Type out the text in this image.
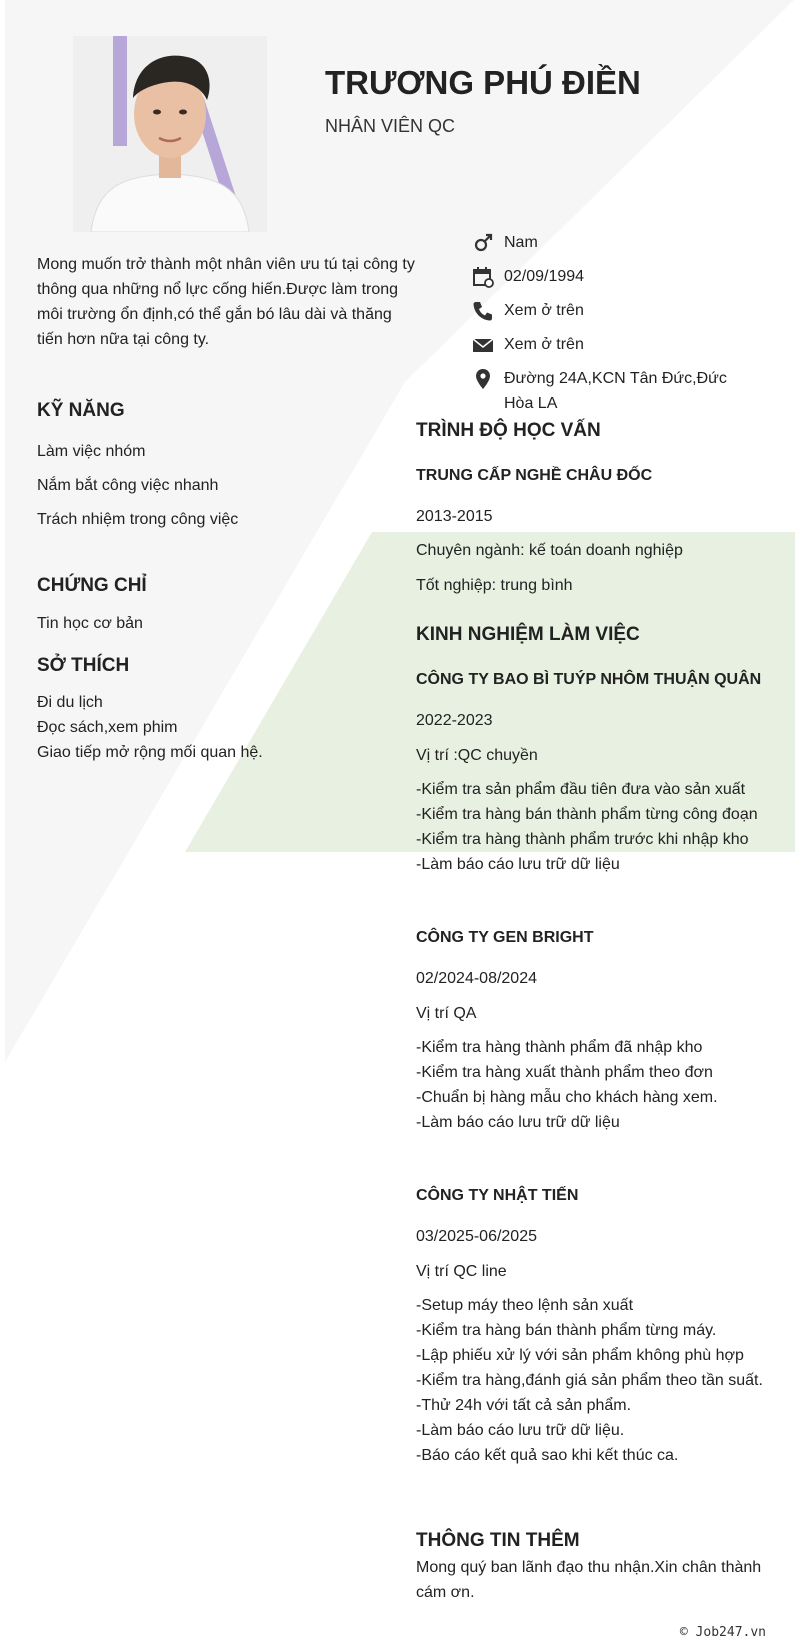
TRƯƠNG PHÚ ĐIỀN
NHÂN VIÊN QC
Mong muốn trở thành một nhân viên ưu tú tại công ty thông qua những nổ lực cống hiến.Được làm trong môi trường ổn định,có thể gắn bó lâu dài và thăng tiến hơn nữa tại công ty.
Nam
02/09/1994
Xem ở trên
Xem ở trên
Đường 24A,KCN Tân Đức,Đức Hòa LA
KỸ NĂNG
Làm việc nhóm
Nắm bắt công việc nhanh
Trách nhiệm trong công việc
CHỨNG CHỈ
Tin học cơ bản
SỞ THÍCH
Đi du lịch
Đọc sách,xem phim
Giao tiếp mở rộng mối quan hệ.
TRÌNH ĐỘ HỌC VẤN
TRUNG CẤP NGHỀ CHÂU ĐỐC
2013-2015
Chuyên ngành: kế toán doanh nghiệp
Tốt nghiệp: trung bình
KINH NGHIỆM LÀM VIỆC
CÔNG TY BAO BÌ TUÝP NHÔM THUẬN QUÂN
2022-2023
Vị trí :QC chuyền
-Kiểm tra sản phẩm đầu tiên đưa vào sản xuất
-Kiểm tra hàng bán thành phẩm từng công đoạn
-Kiểm tra hàng thành phẩm trước khi nhập kho
-Làm báo cáo lưu trữ dữ liệu
CÔNG TY GEN BRIGHT
02/2024-08/2024
Vị trí QA
-Kiểm tra hàng thành phẩm đã nhập kho
-Kiểm tra hàng xuất thành phẩm theo đơn
-Chuẩn bị hàng mẫu cho khách hàng xem.
-Làm báo cáo lưu trữ dữ liệu
CÔNG TY NHẬT TIẾN
03/2025-06/2025
Vị trí QC line
-Setup máy theo lệnh sản xuất
-Kiểm tra hàng bán thành phẩm từng máy.
-Lập phiếu xử lý với sản phẩm không phù hợp
-Kiểm tra hàng,đánh giá sản phẩm theo tần suất.
-Thử 24h với tất cả sản phẩm.
-Làm báo cáo lưu trữ dữ liệu.
-Báo cáo kết quả sao khi kết thúc ca.
THÔNG TIN THÊM
Mong quý ban lãnh đạo thu nhận.Xin chân thành cám ơn.
© Job247.vn
